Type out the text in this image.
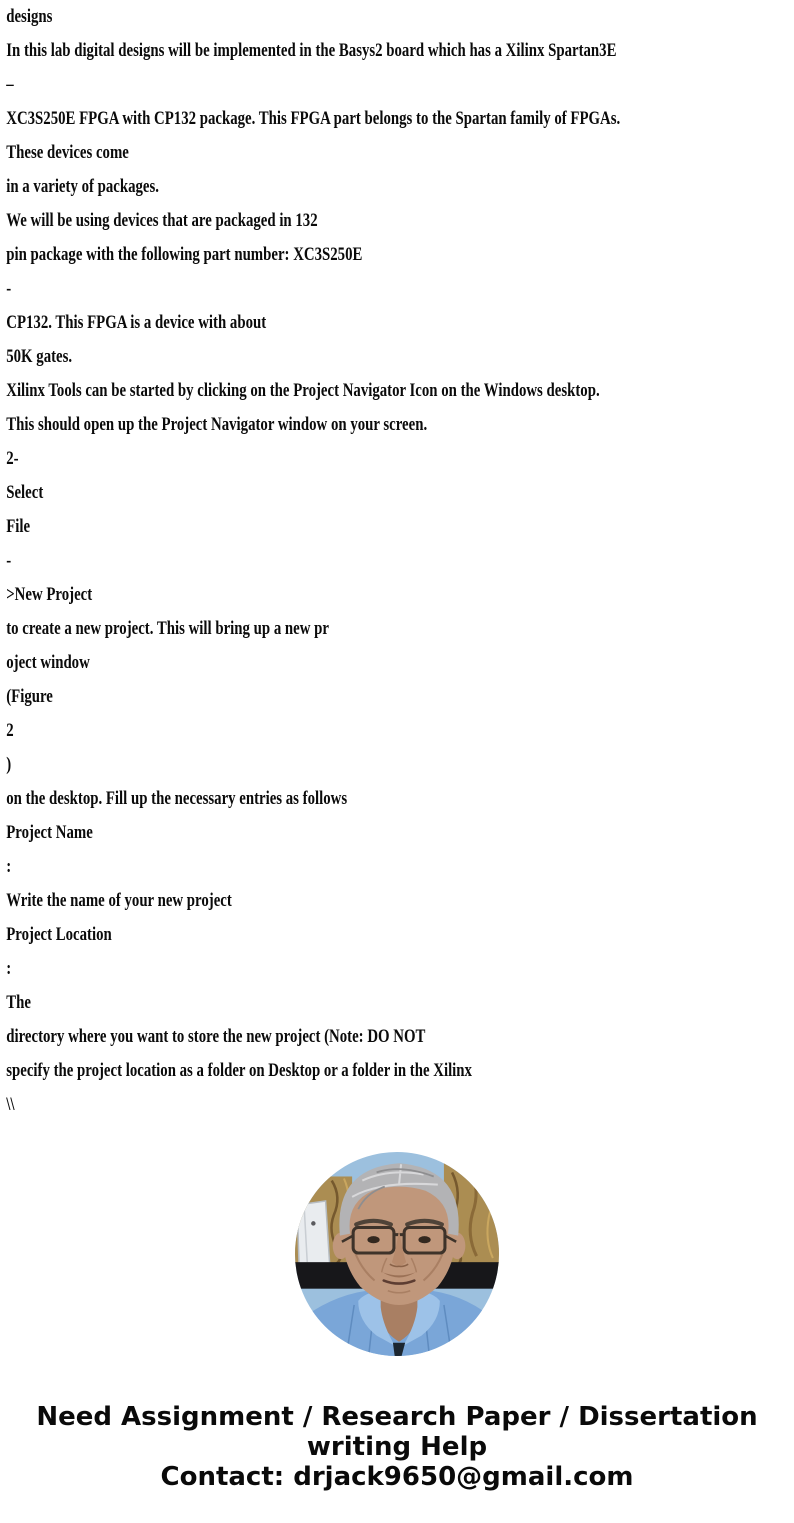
designs

In this lab digital designs will be implemented in the Basys2 board which has a Xilinx Spartan3E

–

XC3S250E FPGA with CP132 package. This FPGA part belongs to the Spartan family of FPGAs.

These devices come

in a variety of packages.

We will be using devices that are packaged in 132

pin package with the following part number: XC3S250E

-

CP132. This FPGA is a device with about

50K gates.

Xilinx Tools can be started by clicking on the Project Navigator Icon on the Windows desktop.

This should open up the Project Navigator window on your screen.

2-

Select

File

-

>New Project

to create a new project. This will bring up a new pr

oject window

(Figure

2

)

on the desktop. Fill up the necessary entries as follows

Project Name

:

Write the name of your new project

Project Location

:

The

directory where you want to store the new project (Note: DO NOT

specify the project location as a folder on Desktop or a folder in the Xilinx

\\

Need Assignment / Research Paper / Dissertation
writing Help
Contact: drjack9650@gmail.com
